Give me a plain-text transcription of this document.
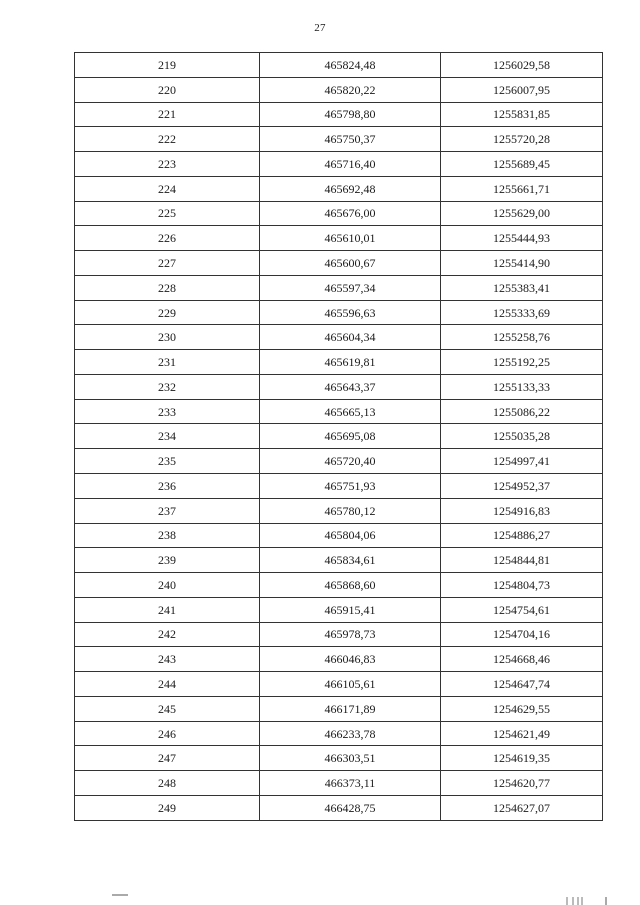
27
219	465824,48	1256029,58
220	465820,22	1256007,95
221	465798,80	1255831,85
222	465750,37	1255720,28
223	465716,40	1255689,45
224	465692,48	1255661,71
225	465676,00	1255629,00
226	465610,01	1255444,93
227	465600,67	1255414,90
228	465597,34	1255383,41
229	465596,63	1255333,69
230	465604,34	1255258,76
231	465619,81	1255192,25
232	465643,37	1255133,33
233	465665,13	1255086,22
234	465695,08	1255035,28
235	465720,40	1254997,41
236	465751,93	1254952,37
237	465780,12	1254916,83
238	465804,06	1254886,27
239	465834,61	1254844,81
240	465868,60	1254804,73
241	465915,41	1254754,61
242	465978,73	1254704,16
243	466046,83	1254668,46
244	466105,61	1254647,74
245	466171,89	1254629,55
246	466233,78	1254621,49
247	466303,51	1254619,35
248	466373,11	1254620,77
249	466428,75	1254627,07
